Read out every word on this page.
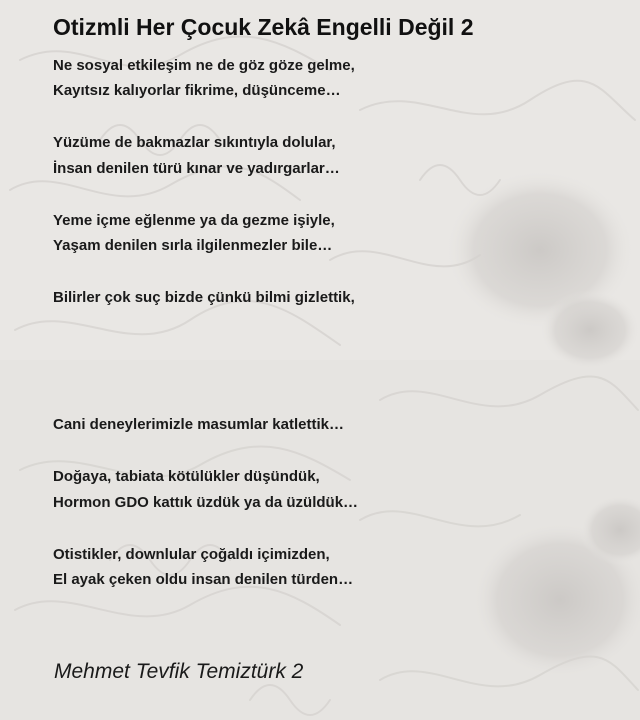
Otizmli Her Çocuk Zekâ Engelli Değil 2
Ne sosyal etkileşim ne de göz göze gelme,
Kayıtsız kalıyorlar fikrime, düşünceme…
Yüzüme de bakmazlar sıkıntıyla dolular,
İnsan denilen türü kınar ve yadırgarlar…
Yeme içme eğlenme ya da gezme işiyle,
Yaşam denilen sırla ilgilenmezler bile…
Bilirler çok suç bizde çünkü bilmi gizlettik,
Cani deneylerimizle masumlar katlettik…
Doğaya, tabiata kötülükler düşündük,
Hormon GDO kattık üzdük ya da üzüldük…
Otistikler, downlular çoğaldı içimizden,
El ayak çeken oldu insan denilen türden…
Mehmet Tevfik Temiztürk 2
